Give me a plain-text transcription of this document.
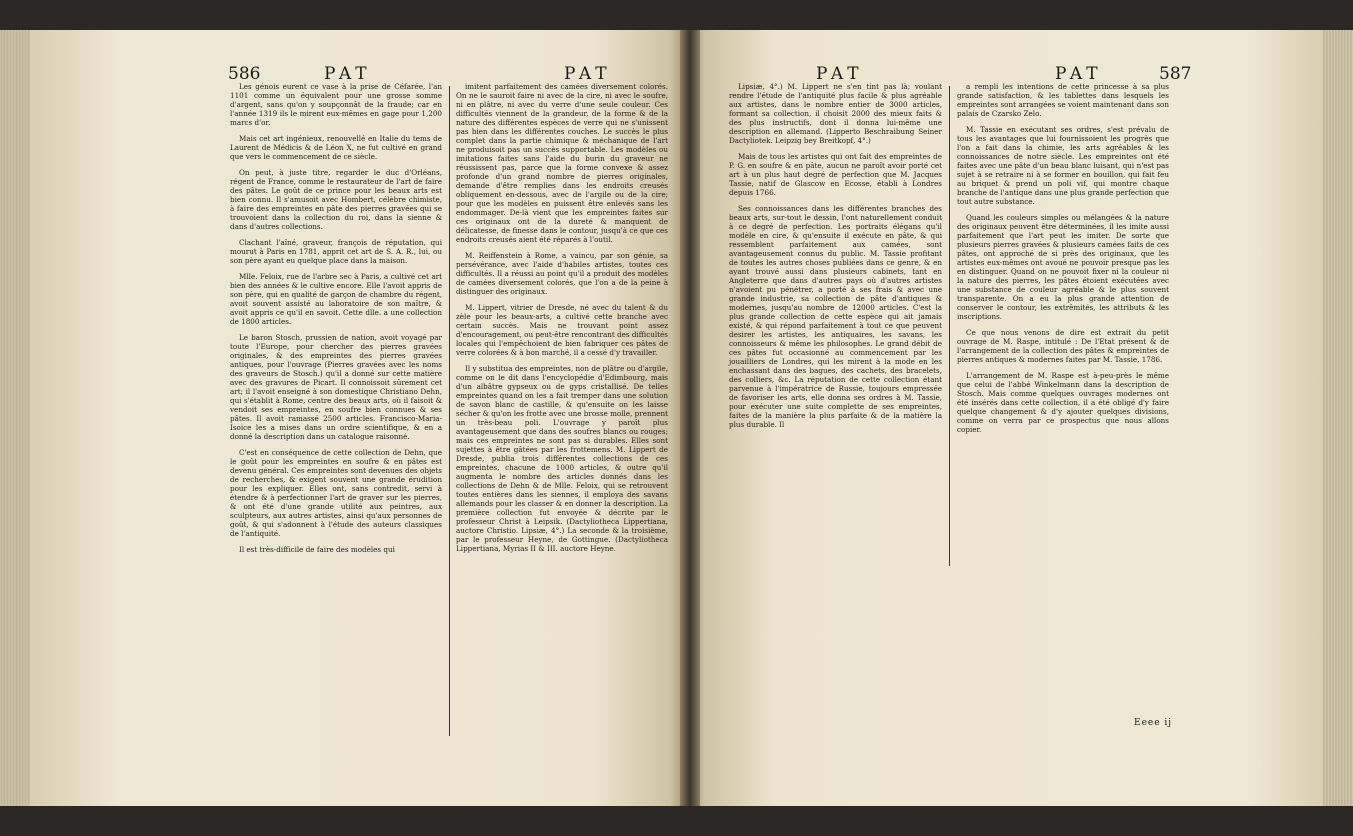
586	PAT	PAT

Les génois eurent ce vase à la prise de Céfarée, l'an 1101 comme un équivalent pour une grosse somme d'argent, sans qu'on y soupçonnât de la fraude; car en l'année 1319 ils le mirent eux-mêmes en gage pour 1,200 marcs d'or.

Mais cet art ingénieux, renouvellé en Italie du tems de Laurent de Médicis & de Léon X, ne fut cultivé en grand que vers le commencement de ce siècle.

On peut, à juste titre, regarder le duc d'Orléans, régent de France, comme le restaurateur de l'art de faire des pâtes. Le goût de ce prince pour les beaux arts est bien connu. Il s'amusoit avec Hombert, célèbre chimiste, à faire des empreintes en pâte des pierres gravées qui se trouvoient dans la collection du roi, dans la sienne & dans d'autres collections.

Clachant l'aîné, graveur, françois de réputation, qui mourut à Paris en 1781, apprit cet art de S. A. R., lui, ou son père ayant eu quelque place dans la maison.

Mlle. Feloix, rue de l'arbre sec à Paris, a cultivé cet art bien des années & le cultive encore. Elle l'avoit appris de son père, qui en qualité de garçon de chambre du régent, avoit souvent assisté au laboratoire de son maître, & avoit appris ce qu'il en savoit. Cette dlle. a une collection de 1800 articles.

Le baron Stosch, prussien de nation, avoit voyagé par toute l'Europe, pour chercher des pierres gravées originales, & des empreintes des pierres gravées antiques, pour l'ouvrage (Pierres gravées avec les noms des graveurs de Stosch.) qu'il a donné sur cette matière avec des gravures de Picart. Il connoissoit sûrement cet art; il l'avoit enseigné à son domestique Christiano Dehn, qui s'établit à Rome, centre des beaux arts, où il faisoit & vendoit ses empreintes, en soufre bien connues & ses pâtes. Il avoit ramassé 2500 articles. Francisco-Maria-Isoice les a mises dans un ordre scientifique, & en a donné la description dans un catalogue raisonné.

C'est en conséquence de cette collection de Dehn, que le goût pour les empreintes en soufre & en pâtes est devenu général. Ces empreintes sont devenues des objets de recherches, & exigent souvent une grande érudition pour les expliquer. Elles ont, sans contredit, servi à étendre & à perfectionner l'art de graver sur les pierres, & ont été d'une grande utilité aux peintres, aux sculpteurs, aux autres artistes, ainsi qu'aux personnes de goût, & qui s'adonnent à l'étude des auteurs classiques de l'antiquité.

Il est très-difficile de faire des modèles qui

imitent parfaitement des camées diversement colorés. On ne le sauroit faire ni avec de la cire, ni avec le soufre, ni en plâtre, ni avec du verre d'une seule couleur. Ces difficultés viennent de la grandeur, de la forme & de la nature des différentes espèces de verre qui ne s'unissent pas bien dans les différentes couches. Le succès le plus complet dans la partie chimique & méchanique de l'art ne produisoit pas un succès supportable. Les modèles ou imitations faites sans l'aide du burin du graveur ne réussissent pas, parce que la forme convexe & assez profonde d'un grand nombre de pierres originales, demande d'être remplies dans les endroits creusés obliquement en-dessous, avec de l'argile ou de la cire; pour que les modèles en puissent être enlevés sans les endommager. De-là vient que les empreintes faites sur ces originaux ont de la dureté & manquent de délicatesse, de finesse dans le contour, jusqu'à ce que ces endroits creusés aient été réparés à l'outil.

M. Reiffenstein à Rome, a vaincu, par son génie, sa persévérance, avec l'aide d'habiles artistes, toutes ces difficultés. Il a réussi au point qu'il a produit des modèles de camées diversement colorés, que l'on a de la peine à distinguer des originaux.

M. Lippert, vitrier de Dresde, né avec du talent & du zèle pour les beaux-arts, a cultivé cette branche avec certain succès. Mais ne trouvant point assez d'encouragement, ou peut-être rencontrant des difficultés locales qui l'empêchoient de bien fabriquer ces pâtes de verre colorées & à bon marché, il a cessé d'y travailler.

Il y substitua des empreintes, non de plâtre ou d'argile, comme on le dit dans l'encyclopédie d'Edimbourg, mais d'un albâtre gypseux ou de gyps cristallisé. De telles empreintes quand on les a fait tremper dans une solution de savon blanc de castille, & qu'ensuite on les laisse sécher & qu'on les frotte avec une brosse molle, prennent un très-beau poli. L'ouvrage y paroît plus avantageusement que dans des soufres blancs ou rouges; mais ces empreintes ne sont pas si durables. Elles sont sujettes à être gâtées par les frottemens. M. Lippert de Dresde, publia trois différentes collections de ces empreintes, chacune de 1000 articles, & outre qu'il augmenta le nombre des articles donnés dans les collections de Dehn & de Mlle. Feloix, qui se retrouvent toutes entières dans les siennes, il employa des savans allemands pour les classer & en donner la description. La première collection fut envoyée & décrite par le professeur Christ à Leipsik. (Dactyliotheca Lippertiana, auctore Christio. Lipsiæ, 4°.) La seconde & la troisième, par le professeur Heyne, de Gottingue. (Dactyliotheca Lippertiana, Myrias II & III. auctore Heyne.

PAT	PAT	587

Lipsiæ, 4°.) M. Lippert ne s'en tint pas là; voulant rendre l'étude de l'antiquité plus facile & plus agréable aux artistes, dans le nombre entier de 3000 articles, formant sa collection, il choisit 2000 des mieux faits & des plus instructifs, dont il donna lui-même une description en allemand. (Lipperto Beschraibung Seiner Dactyliotek. Leipzig bey Breitkopf, 4°.)

Mais de tous les artistes qui ont fait des empreintes de P. G. en soufre & en pâte, aucun ne paroît avoir porté cet art à un plus haut degré de perfection que M. Jacques Tassie, natif de Glascow en Ecosse, établi à Londres depuis 1766.

Ses connoissances dans les différentes branches des beaux arts, sur-tout le dessin, l'ont naturellement conduit à ce degré de perfection. Les portraits élégans qu'il modèle en cire, & qu'ensuite il exécute en pâte, & qui ressemblent parfaitement aux camées, sont avantageusement connus du public. M. Tassie profitant de toutes les autres choses publiées dans ce genre, & en ayant trouvé aussi dans plusieurs cabinets, tant en Angleterre que dans d'autres pays où d'autres artistes n'avoient pu pénétrer, a porté à ses frais & avec une grande industrie, sa collection de pâte d'antiques & modernes, jusqu'au nombre de 12000 articles. C'est la plus grande collection de cette espèce qui ait jamais existé, & qui répond parfaitement à tout ce que peuvent desirer les artistes, les antiquaires, les savans, les connoisseurs & même les philosophes. Le grand débit de ces pâtes fut occasionné au commencement par les jouailliers de Londres, qui les mirent à la mode en les enchassant dans des bagues, des cachets, des bracelets, des colliers, &c. La réputation de cette collection étant parvenue à l'impératrice de Russie, toujours empressée de favoriser les arts, elle donna ses ordres à M. Tassie, pour exécuter une suite complette de ses empreintes, faites de la manière la plus parfaite & de la matière la plus durable. Il

a rempli les intentions de cette princesse à sa plus grande satisfaction, & les tablettes dans lesquels les empreintes sont arrangées se voient maintenant dans son palais de Czarsko Zelo.

M. Tassie en exécutant ses ordres, s'est prévalu de tous les avantages que lui fournissoient les progrès que l'on a fait dans la chimie, les arts agréables & les connoissances de notre siècle. Les empreintes ont été faites avec une pâte d'un beau blanc luisant, qui n'est pas sujet à se retraire ni à se former en bouillon, qui fait feu au briquet & prend un poli vif, qui montre chaque branche de l'antique dans une plus grande perfection que tout autre substance.

Quand les couleurs simples ou mélangées & la nature des originaux peuvent être déterminées, il les imite aussi parfaitement que l'art peut les imiter. De sorte que plusieurs pierres gravées & plusieurs camées faits de ces pâtes, ont approché de si près des originaux, que les artistes eux-mêmes ont avoué ne pouvoir presque pas les en distinguer. Quand on ne pouvoit fixer ni la couleur ni la nature des pierres, les pâtes étoient exécutées avec une substance de couleur agréable & le plus souvent transparente. On a eu la plus grande attention de conserver le contour, les extrêmités, les attributs & les inscriptions.

Ce que nous venons de dire est extrait du petit ouvrage de M. Raspe, intitulé : De l'Etat présent & de l'arrangement de la collection des pâtes & empreintes de pierres antiques & modernes faites par M. Tassie, 1786.

L'arrangement de M. Raspe est à-peu-près le même que celui de l'abbé Winkelmann dans la description de Stosch. Mais comme quelques ouvrages modernes ont été insérés dans cette collection, il a été obligé d'y faire quelque changement & d'y ajouter quelques divisions, comme on verra par ce prospectus que nous allons copier.

Eeee ij
